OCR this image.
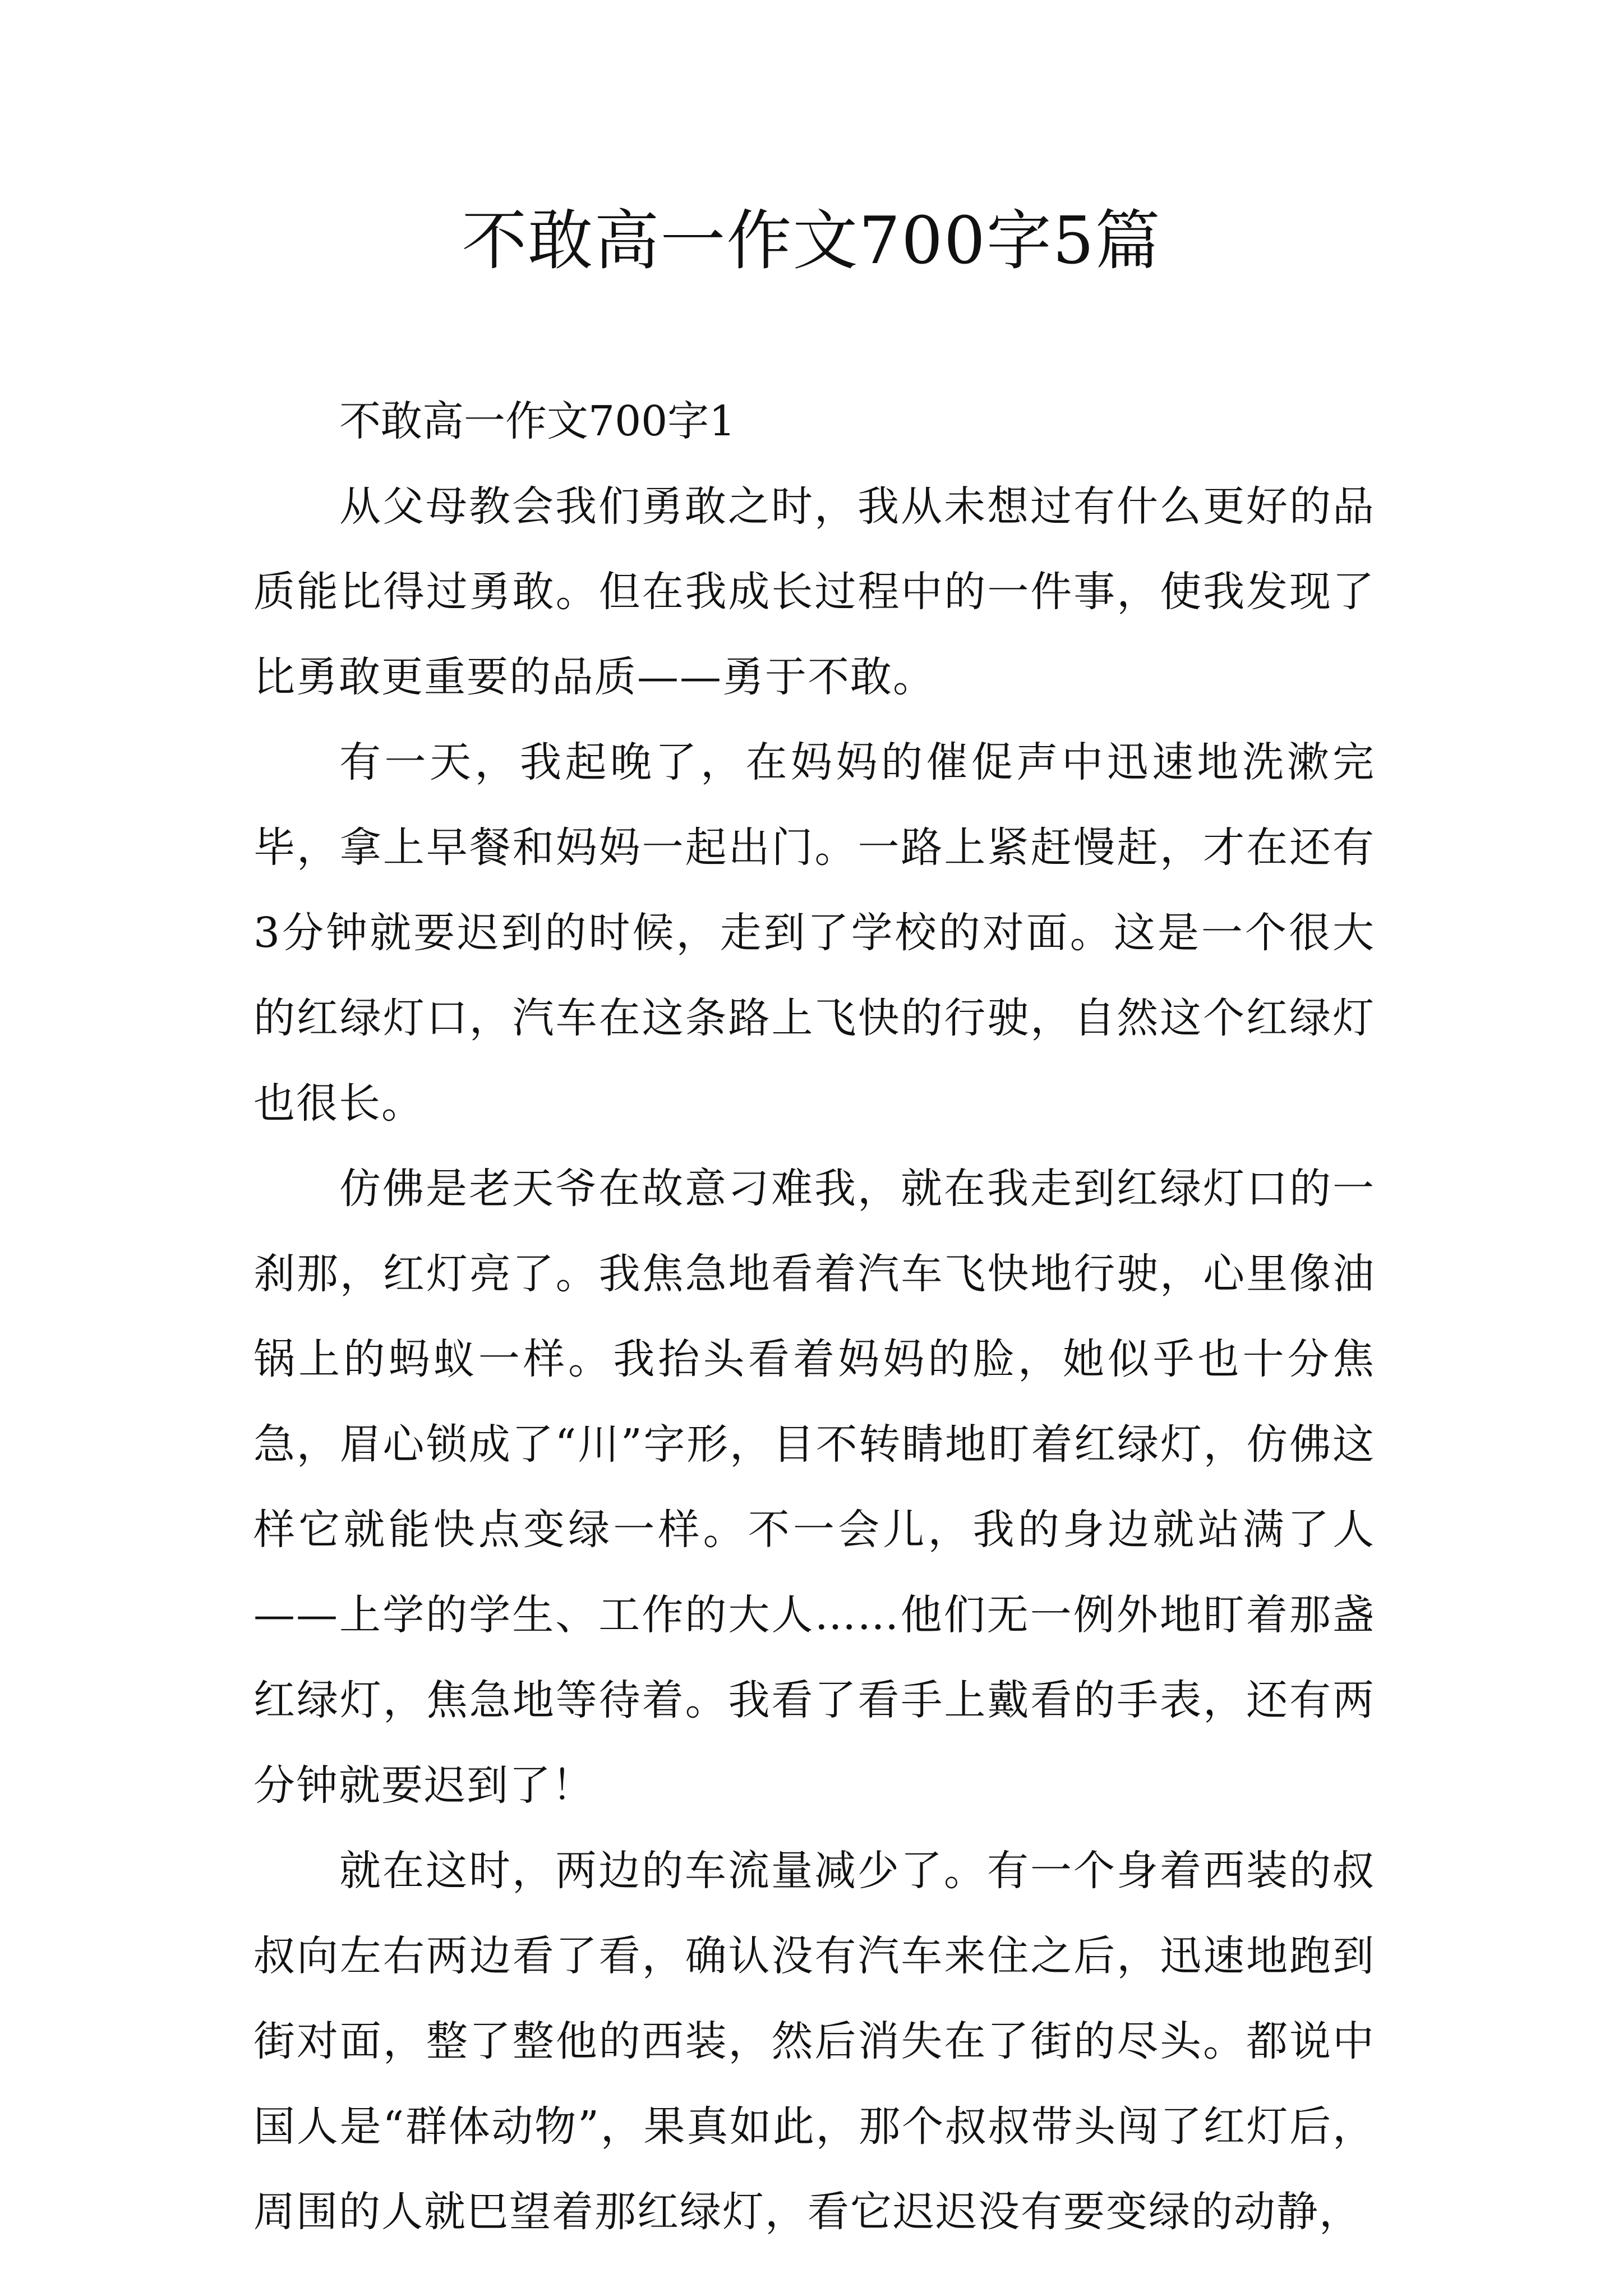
不敢高一作文700字5篇

不敢高一作文700字1

从父母教会我们勇敢之时，我从未想过有什么更好的品质能比得过勇敢。但在我成长过程中的一件事，使我发现了比勇敢更重要的品质——勇于不敢。

有一天，我起晚了，在妈妈的催促声中迅速地洗漱完毕，拿上早餐和妈妈一起出门。一路上紧赶慢赶，才在还有3分钟就要迟到的时候，走到了学校的对面。这是一个很大的红绿灯口，汽车在这条路上飞快的行驶，自然这个红绿灯也很长。

仿佛是老天爷在故意刁难我，就在我走到红绿灯口的一刹那，红灯亮了。我焦急地看着汽车飞快地行驶，心里像油锅上的蚂蚁一样。我抬头看着妈妈的脸，她似乎也十分焦急，眉心锁成了“川”字形，目不转睛地盯着红绿灯，仿佛这样它就能快点变绿一样。不一会儿，我的身边就站满了人——上学的学生、工作的大人……他们无一例外地盯着那盏红绿灯，焦急地等待着。我看了看手上戴看的手表，还有两分钟就要迟到了！

就在这时，两边的车流量减少了。有一个身着西装的叔叔向左右两边看了看，确认没有汽车来住之后，迅速地跑到街对面，整了整他的西装，然后消失在了街的尽头。都说中国人是“群体动物”，果真如此，那个叔叔带头闯了红灯后，周围的人就巴望着那红绿灯，看它迟迟没有要变绿的动静，
